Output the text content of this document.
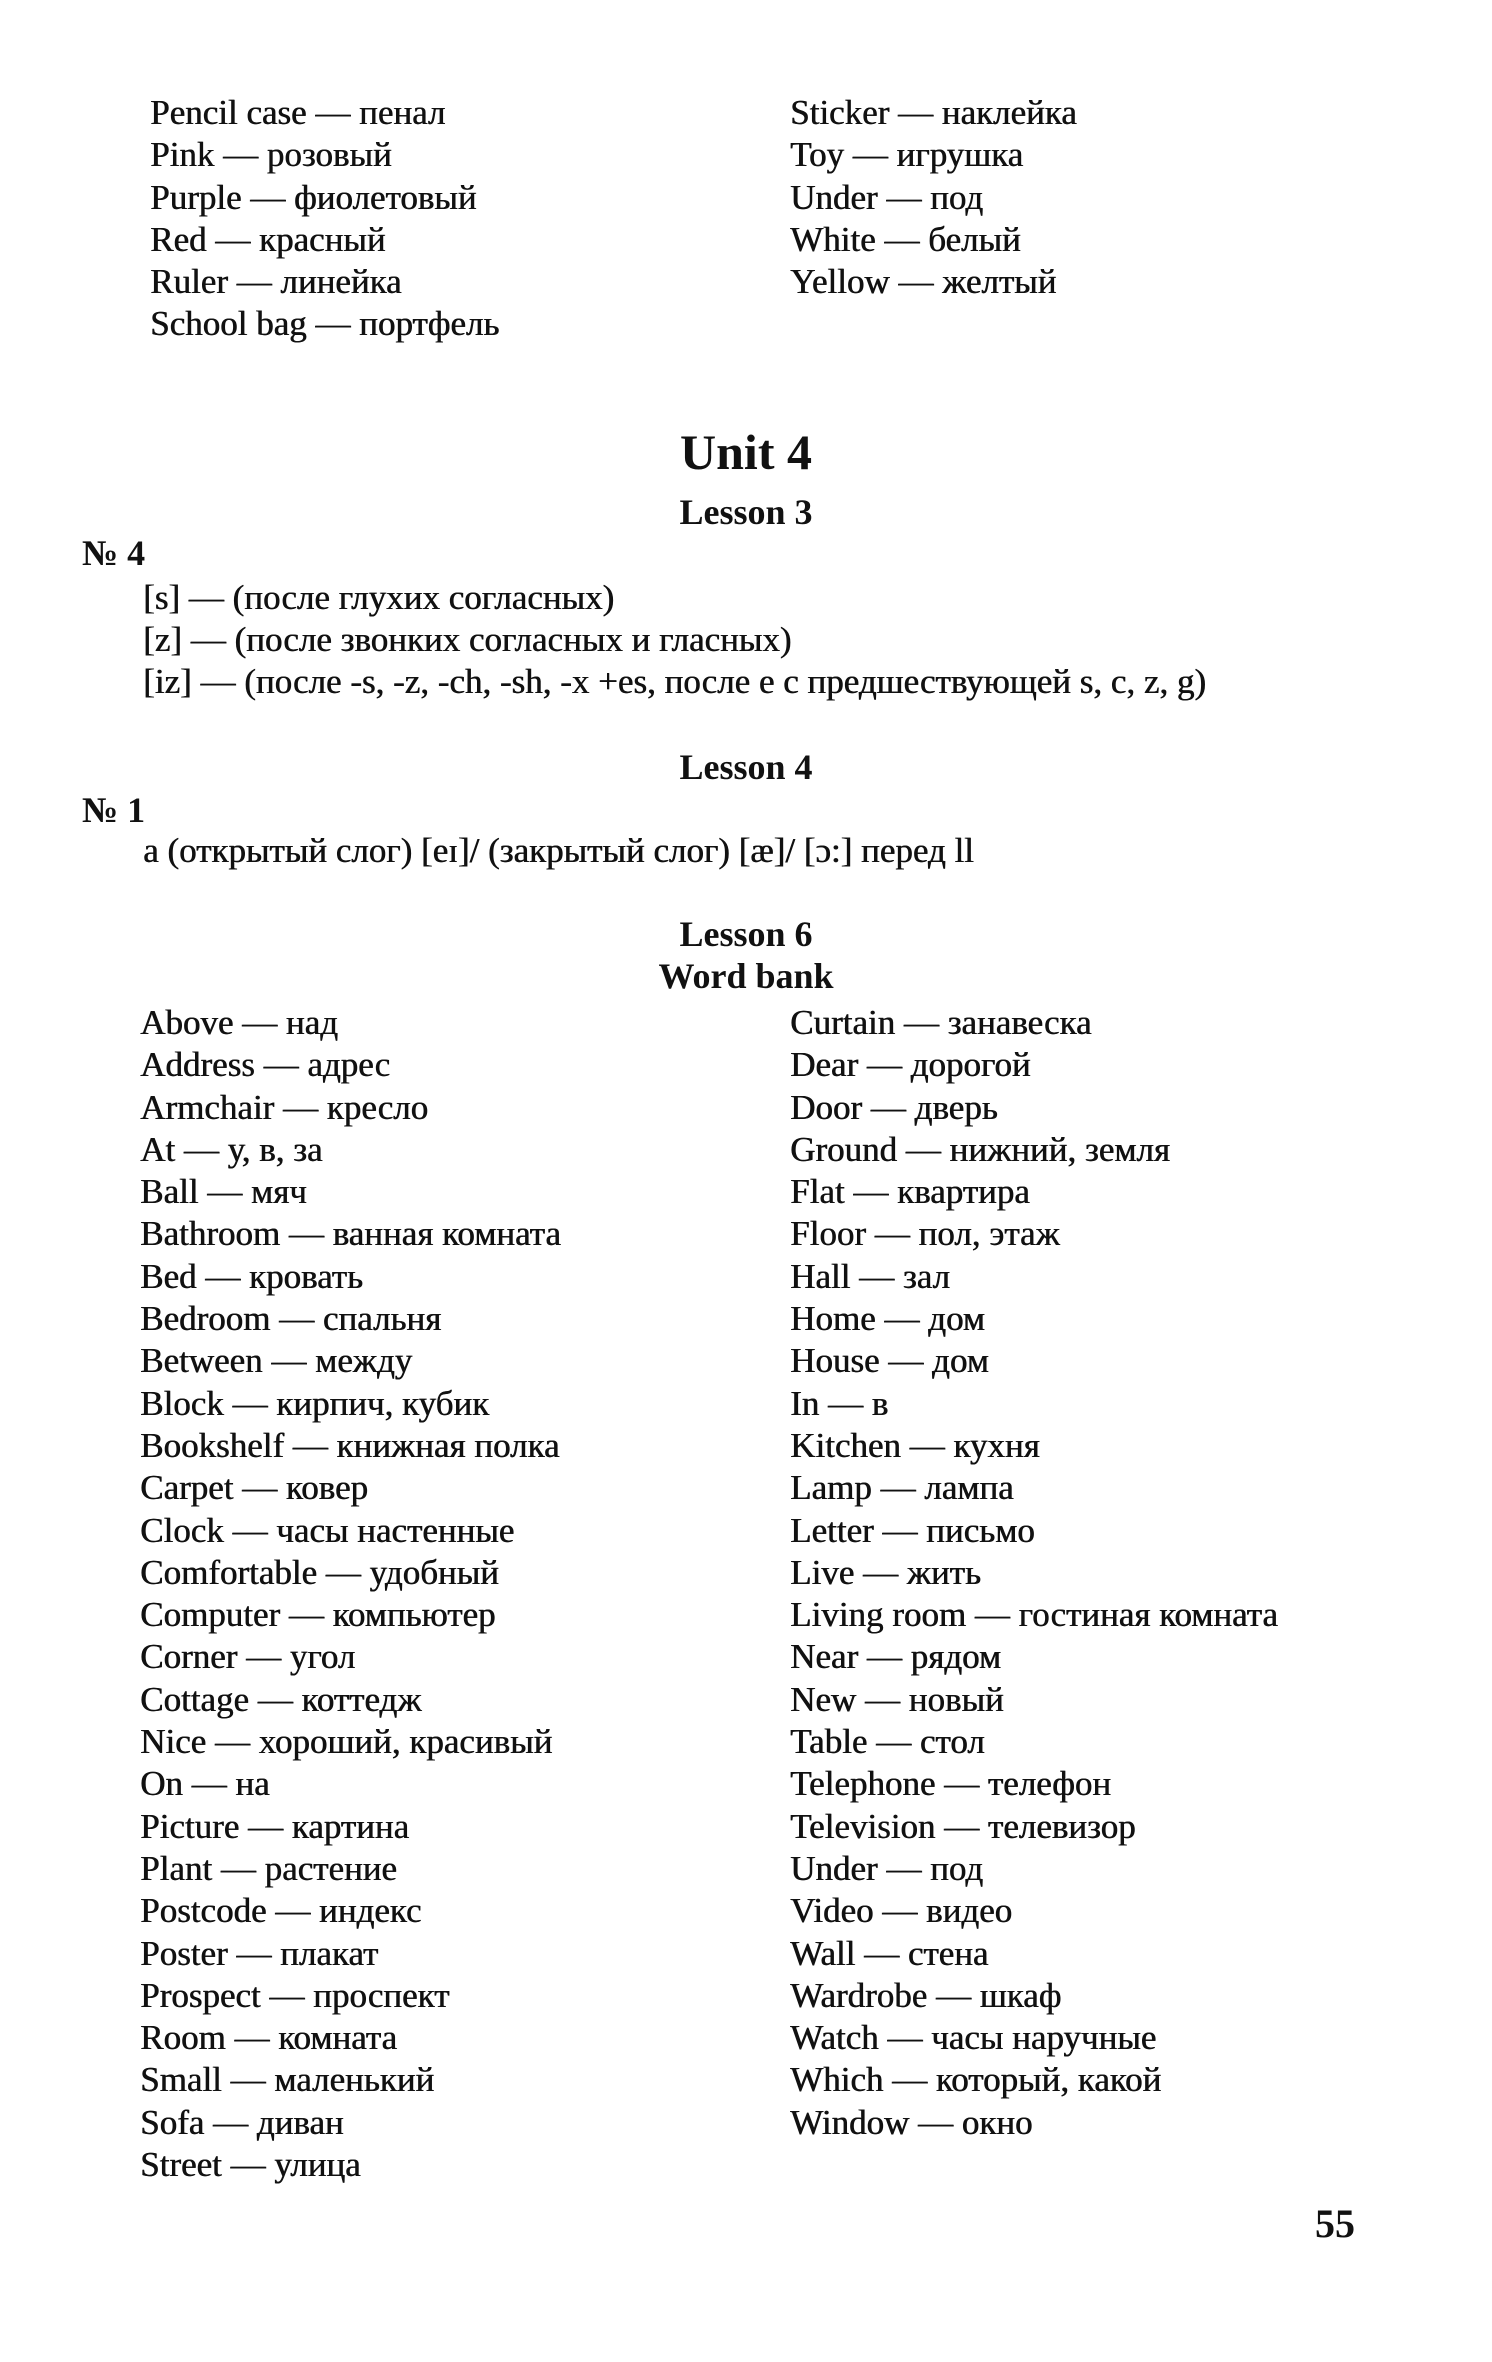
Pencil case — пенал
Pink — розовый
Purple — фиолетовый
Red — красный
Ruler — линейка
School bag — портфель
Sticker — наклейка
Toy — игрушка
Under — под
White — белый
Yellow — желтый
Unit 4
Lesson 3
№ 4
[s] — (после глухих согласных)
[z] — (после звонких согласных и гласных)
[iz] — (после -s, -z, -ch, -sh, -x +es, после e с предшествующей s, c, z, g)
Lesson 4
№ 1
a (открытый слог) [eɪ]/ (закрытый слог) [æ]/ [ɔ:] перед ll
Lesson 6
Word bank
Above — над
Address — адрес
Armchair — кресло
At — у, в, за
Ball — мяч
Bathroom — ванная комната
Bed — кровать
Bedroom — спальня
Between — между
Block — кирпич, кубик
Bookshelf — книжная полка
Carpet — ковер
Clock — часы настенные
Comfortable — удобный
Computer — компьютер
Corner — угол
Cottage — коттедж
Nice — хороший, красивый
On — на
Picture — картина
Plant — растение
Postcode — индекс
Poster — плакат
Prospect — проспект
Room — комната
Small — маленький
Sofa — диван
Street — улица
Curtain — занавеска
Dear — дорогой
Door — дверь
Ground — нижний, земля
Flat — квартира
Floor — пол, этаж
Hall — зал
Home — дом
House — дом
In — в
Kitchen — кухня
Lamp — лампа
Letter — письмо
Live — жить
Living room — гостиная комната
Near — рядом
New — новый
Table — стол
Telephone — телефон
Television — телевизор
Under — под
Video — видео
Wall — стена
Wardrobe — шкаф
Watch — часы наручные
Which — который, какой
Window — окно
55
